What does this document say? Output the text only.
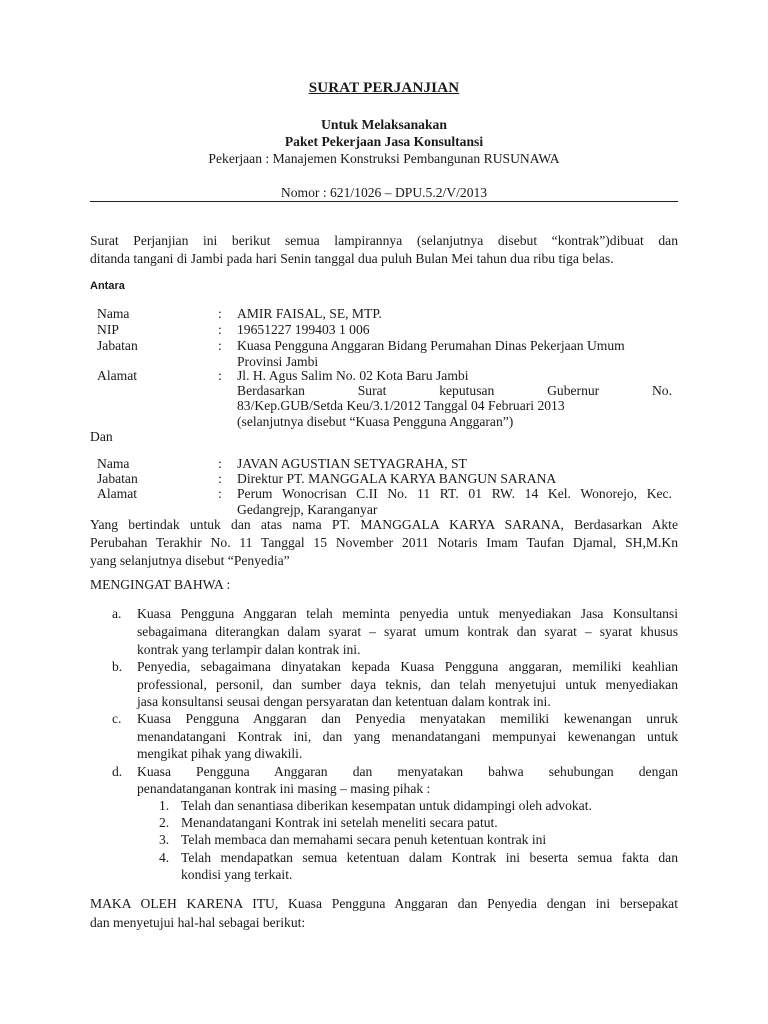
SURAT PERJANJIAN
Untuk Melaksanakan
Paket Pekerjaan Jasa Konsultansi
Pekerjaan : Manajemen Konstruksi Pembangunan RUSUNAWA
Nomor : 621/1026 – DPU.5.2/V/2013
Surat Perjanjian ini berikut semua lampirannya (selanjutnya disebut “kontrak”)dibuat dan
ditanda tangani di Jambi pada hari Senin tanggal dua puluh Bulan Mei tahun dua ribu tiga belas.
Antara
Nama	: AMIR FAISAL, SE, MTP.
NIP	: 19651227 199403 1 006
Jabatan	: Kuasa Pengguna Anggaran Bidang Perumahan Dinas Pekerjaan Umum
Provinsi Jambi
Alamat	: Jl. H. Agus Salim No. 02 Kota Baru Jambi
Berdasarkan Surat keputusan Gubernur No.
83/Kep.GUB/Setda Keu/3.1/2012 Tanggal 04 Februari 2013
(selanjutnya disebut “Kuasa Pengguna Anggaran”)
Dan
Nama	: JAVAN AGUSTIAN SETYAGRAHA, ST
Jabatan	: Direktur PT. MANGGALA KARYA BANGUN SARANA
Alamat	: Perum Wonocrisan C.II No. 11 RT. 01 RW. 14 Kel. Wonorejo, Kec.
Gedangrejp, Karanganyar
Yang bertindak untuk dan atas nama PT. MANGGALA KARYA SARANA, Berdasarkan Akte
Perubahan Terakhir No. 11 Tanggal 15 November 2011 Notaris Imam Taufan Djamal, SH,M.Kn
yang selanjutnya disebut “Penyedia”
MENGINGAT BAHWA :
a. Kuasa Pengguna Anggaran telah meminta penyedia untuk menyediakan Jasa Konsultansi
sebagaimana diterangkan dalam syarat – syarat umum kontrak dan syarat – syarat khusus
kontrak yang terlampir dalan kontrak ini.
b. Penyedia, sebagaimana dinyatakan kepada Kuasa Pengguna anggaran, memiliki keahlian
professional, personil, dan sumber daya teknis, dan telah menyetujui untuk menyediakan
jasa konsultansi seusai dengan persyaratan dan ketentuan dalam kontrak ini.
c. Kuasa Pengguna Anggaran dan Penyedia menyatakan memiliki kewenangan unruk
menandatangani Kontrak ini, dan yang menandatangani mempunyai kewenangan untuk
mengikat pihak yang diwakili.
d. Kuasa Pengguna Anggaran dan menyatakan bahwa sehubungan dengan
penandatanganan kontrak ini masing – masing pihak :
1. Telah dan senantiasa diberikan kesempatan untuk didampingi oleh advokat.
2. Menandatangani Kontrak ini setelah meneliti secara patut.
3. Telah membaca dan memahami secara penuh ketentuan kontrak ini
4. Telah mendapatkan semua ketentuan dalam Kontrak ini beserta semua fakta dan
kondisi yang terkait.
MAKA OLEH KARENA ITU, Kuasa Pengguna Anggaran dan Penyedia dengan ini bersepakat
dan menyetujui hal-hal sebagai berikut:
